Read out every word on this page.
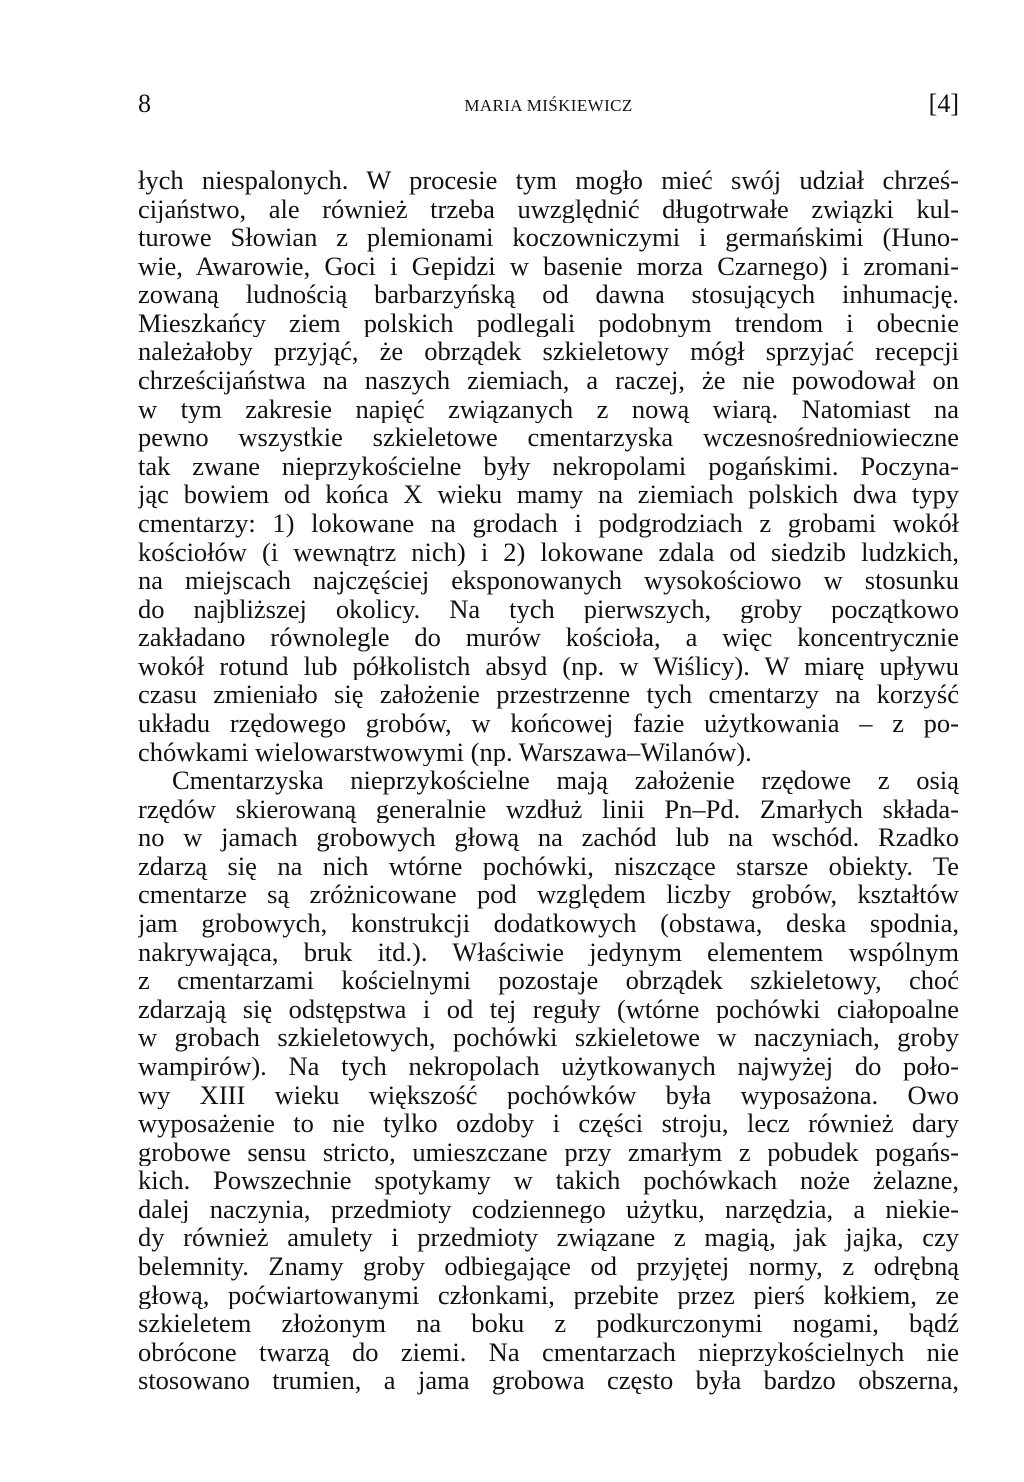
8	MARIA MIŚKIEWICZ	[4]
łych niespalonych. W procesie tym mogło mieć swój udział chrześ-
cijaństwo, ale również trzeba uwzględnić długotrwałe związki kul-
turowe Słowian z plemionami koczowniczymi i germańskimi (Huno-
wie, Awarowie, Goci i Gepidzi w basenie morza Czarnego) i zromani-
zowaną ludnością barbarzyńską od dawna stosujących inhumację.
Mieszkańcy ziem polskich podlegali podobnym trendom i obecnie
należałoby przyjąć, że obrządek szkieletowy mógł sprzyjać recepcji
chrześcijaństwa na naszych ziemiach, a raczej, że nie powodował on
w tym zakresie napięć związanych z nową wiarą. Natomiast na
pewno wszystkie szkieletowe cmentarzyska wczesnośredniowieczne
tak zwane nieprzykościelne były nekropolami pogańskimi. Poczyna-
jąc bowiem od końca X wieku mamy na ziemiach polskich dwa typy
cmentarzy: 1) lokowane na grodach i podgrodziach z grobami wokół
kościołów (i wewnątrz nich) i 2) lokowane zdala od siedzib ludzkich,
na miejscach najczęściej eksponowanych wysokościowo w stosunku
do najbliższej okolicy. Na tych pierwszych, groby początkowo
zakładano równolegle do murów kościoła, a więc koncentrycznie
wokół rotund lub półkolistch absyd (np. w Wiślicy). W miarę upływu
czasu zmieniało się założenie przestrzenne tych cmentarzy na korzyść
układu rzędowego grobów, w końcowej fazie użytkowania – z po-
chówkami wielowarstwowymi (np. Warszawa–Wilanów).
Cmentarzyska nieprzykościelne mają założenie rzędowe z osią
rzędów skierowaną generalnie wzdłuż linii Pn–Pd. Zmarłych składa-
no w jamach grobowych głową na zachód lub na wschód. Rzadko
zdarzą się na nich wtórne pochówki, niszczące starsze obiekty. Te
cmentarze są zróżnicowane pod względem liczby grobów, kształtów
jam grobowych, konstrukcji dodatkowych (obstawa, deska spodnia,
nakrywająca, bruk itd.). Właściwie jedynym elementem wspólnym
z cmentarzami kościelnymi pozostaje obrządek szkieletowy, choć
zdarzają się odstępstwa i od tej reguły (wtórne pochówki ciałopoalne
w grobach szkieletowych, pochówki szkieletowe w naczyniach, groby
wampirów). Na tych nekropolach użytkowanych najwyżej do poło-
wy XIII wieku większość pochówków była wyposażona. Owo
wyposażenie to nie tylko ozdoby i części stroju, lecz również dary
grobowe sensu stricto, umieszczane przy zmarłym z pobudek pogańs-
kich. Powszechnie spotykamy w takich pochówkach noże żelazne,
dalej naczynia, przedmioty codziennego użytku, narzędzia, a niekie-
dy również amulety i przedmioty związane z magią, jak jajka, czy
belemnity. Znamy groby odbiegające od przyjętej normy, z odrębną
głową, poćwiartowanymi członkami, przebite przez pierś kołkiem, ze
szkieletem złożonym na boku z podkurczonymi nogami, bądź
obrócone twarzą do ziemi. Na cmentarzach nieprzykościelnych nie
stosowano trumien, a jama grobowa często była bardzo obszerna,
